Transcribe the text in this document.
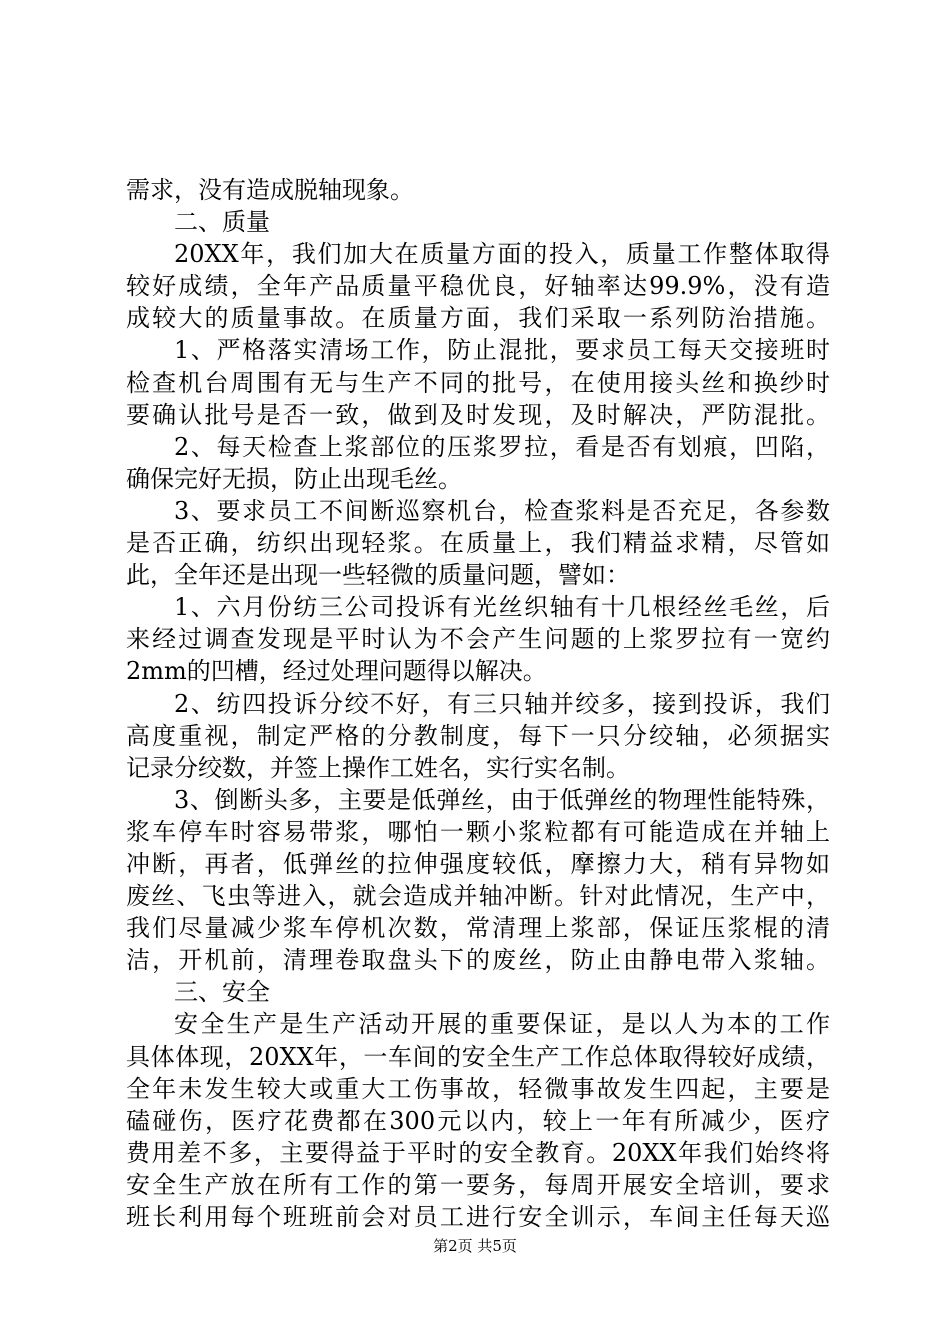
需求，没有造成脱轴现象。
二、质量
20XX年，我们加大在质量方面的投入，质量工作整体取得
较好成绩，全年产品质量平稳优良，好轴率达99.9%，没有造
成较大的质量事故。在质量方面，我们采取一系列防治措施。
1、严格落实清场工作，防止混批，要求员工每天交接班时
检查机台周围有无与生产不同的批号，在使用接头丝和换纱时
要确认批号是否一致，做到及时发现，及时解决，严防混批。
2、每天检查上浆部位的压浆罗拉，看是否有划痕，凹陷，
确保完好无损，防止出现毛丝。
3、要求员工不间断巡察机台，检查浆料是否充足，各参数
是否正确，纺织出现轻浆。在质量上，我们精益求精，尽管如
此，全年还是出现一些轻微的质量问题，譬如：
1、六月份纺三公司投诉有光丝织轴有十几根经丝毛丝，后
来经过调查发现是平时认为不会产生问题的上浆罗拉有一宽约
2mm的凹槽，经过处理问题得以解决。
2、纺四投诉分绞不好，有三只轴并绞多，接到投诉，我们
高度重视，制定严格的分教制度，每下一只分绞轴，必须据实
记录分绞数，并签上操作工姓名，实行实名制。
3、倒断头多，主要是低弹丝，由于低弹丝的物理性能特殊，
浆车停车时容易带浆，哪怕一颗小浆粒都有可能造成在并轴上
冲断，再者，低弹丝的拉伸强度较低，摩擦力大，稍有异物如
废丝、飞虫等进入，就会造成并轴冲断。针对此情况，生产中，
我们尽量减少浆车停机次数，常清理上浆部，保证压浆棍的清
洁，开机前，清理卷取盘头下的废丝，防止由静电带入浆轴。
三、安全
安全生产是生产活动开展的重要保证，是以人为本的工作
具体体现，20XX年，一车间的安全生产工作总体取得较好成绩，
全年未发生较大或重大工伤事故，轻微事故发生四起，主要是
磕碰伤，医疗花费都在300元以内，较上一年有所减少，医疗
费用差不多，主要得益于平时的安全教育。20XX年我们始终将
安全生产放在所有工作的第一要务，每周开展安全培训，要求
班长利用每个班班前会对员工进行安全训示，车间主任每天巡
第2页 共5页
